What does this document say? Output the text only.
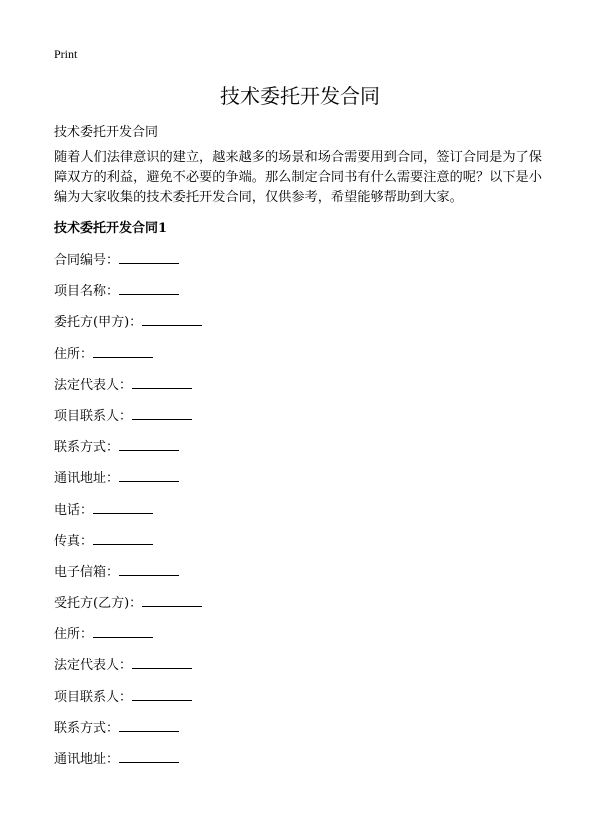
Print
技术委托开发合同
技术委托开发合同

随着人们法律意识的建立，越来越多的场景和场合需要用到合同，签订合同是为了保障双方的利益，避免不必要的争端。那么制定合同书有什么需要注意的呢？以下是小编为大家收集的技术委托开发合同，仅供参考，希望能够帮助到大家。

技术委托开发合同1
合同编号：
项目名称：
委托方(甲方)：
住所：
法定代表人：
项目联系人：
联系方式：
通讯地址：
电话：
传真：
电子信箱：
受托方(乙方)：
住所：
法定代表人：
项目联系人：
联系方式：
通讯地址：
